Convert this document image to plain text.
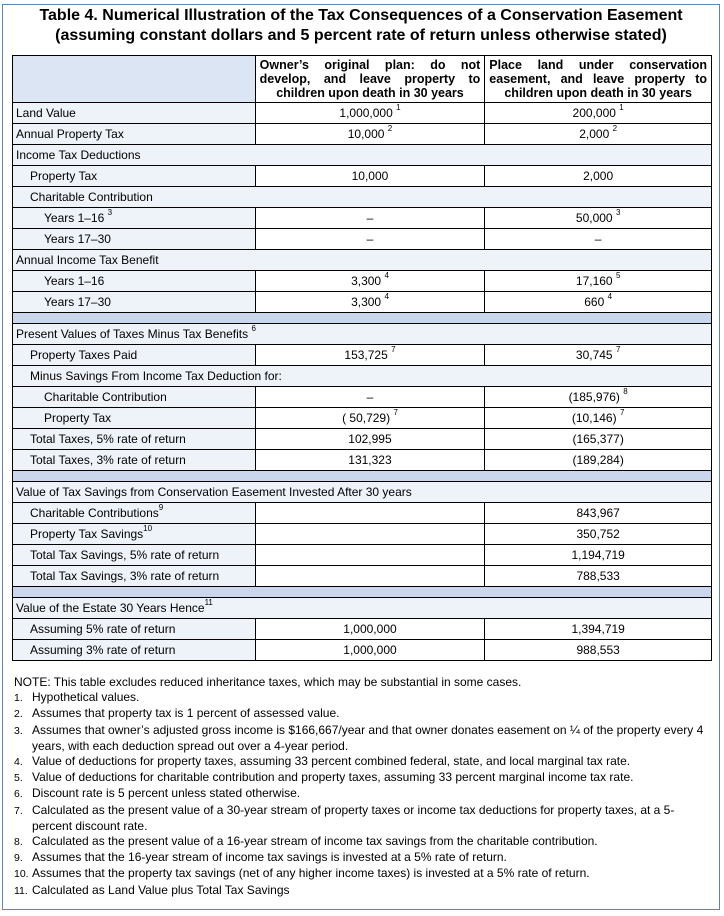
Table 4. Numerical Illustration of the Tax Consequences of a Conservation Easement
(assuming constant dollars and 5 percent rate of return unless otherwise stated)
	Owner’s original plan: do not develop, and leave property to children upon death in 30 years	Place land under conservation easement, and leave property to children upon death in 30 years
Land Value	1,000,000 $^1$	200,000 $^1$
Annual Property Tax	10,000 $^2$	2,000 $^2$
Income Tax Deductions		
Property Tax	10,000	2,000
Charitable Contribution		
Years 1–16 $^3$	–	50,000 $^3$
Years 17–30	–	–
Annual Income Tax Benefit		
Years 1–16	3,300 $^4$	17,160 $^5$
Years 17–30	3,300 $^4$	660 $^4$

Present Values of Taxes Minus Tax Benefits $^6$
Property Taxes Paid	153,725 $^7$	30,745 $^7$
Minus Savings From Income Tax Deduction for:		
Charitable Contribution	–	(185,976) $^8$
Property Tax	( 50,729) $^7$	(10,146) $^7$
Total Taxes, 5% rate of return	102,995	(165,377)
Total Taxes, 3% rate of return	131,323	(189,284)

Value of Tax Savings from Conservation Easement Invested After 30 years		
Charitable Contributions$^9$		843,967
Property Tax Savings$^{10}$		350,752
Total Tax Savings, 5% rate of return		1,194,719
Total Tax Savings, 3% rate of return		788,533

Value of the Estate 30 Years Hence$^{11}$
Assuming 5% rate of return	1,000,000	1,394,719
Assuming 3% rate of return	1,000,000	988,553
NOTE: This table excludes reduced inheritance taxes, which may be substantial in some cases.
1. Hypothetical values.
2. Assumes that property tax is 1 percent of assessed value.
3. Assumes that owner’s adjusted gross income is $166,667/year and that owner donates easement on ¼ of the property every 4 years, with each deduction spread out over a 4-year period.
4. Value of deductions for property taxes, assuming 33 percent combined federal, state, and local marginal tax rate.
5. Value of deductions for charitable contribution and property taxes, assuming 33 percent marginal income tax rate.
6. Discount rate is 5 percent unless stated otherwise.
7. Calculated as the present value of a 30-year stream of property taxes or income tax deductions for property taxes, at a 5-percent discount rate.
8. Calculated as the present value of a 16-year stream of income tax savings from the charitable contribution.
9. Assumes that the 16-year stream of income tax savings is invested at a 5% rate of return.
10. Assumes that the property tax savings (net of any higher income taxes) is invested at a 5% rate of return.
11. Calculated as Land Value plus Total Tax Savings
